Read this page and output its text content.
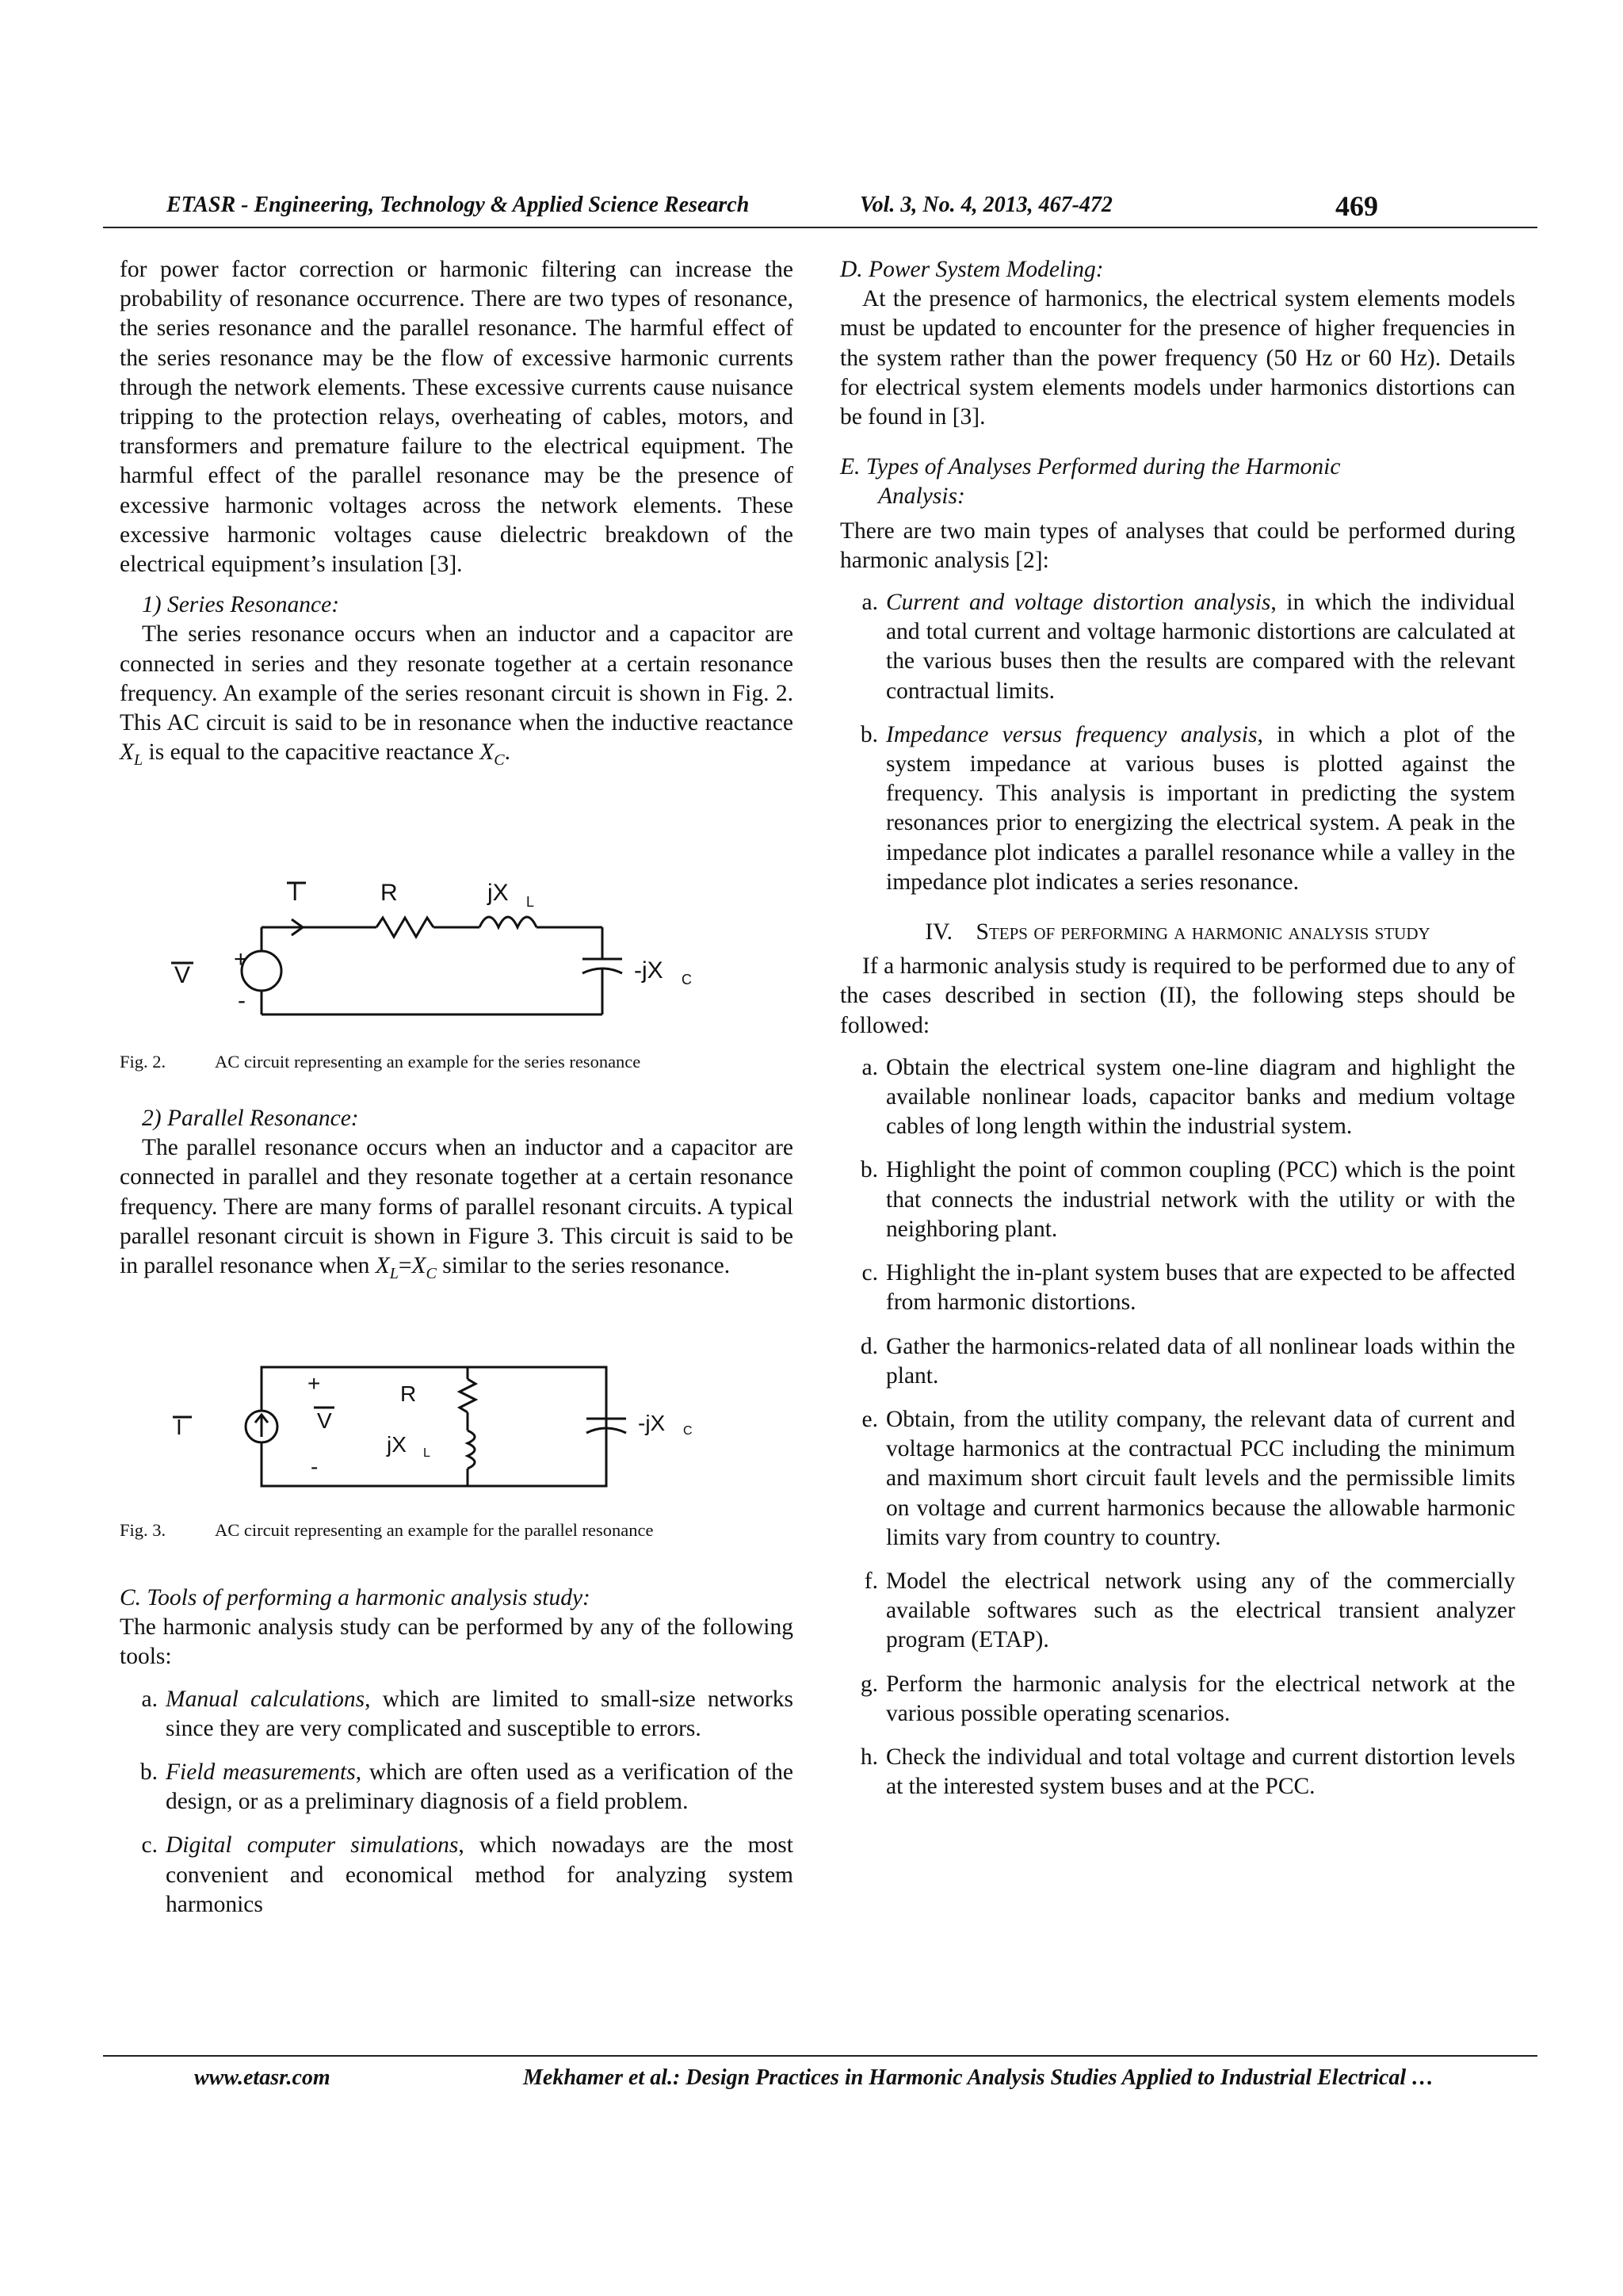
ETASR - Engineering, Technology & Applied Science Research	Vol. 3, No. 4, 2013, 467-472	469

for power factor correction or harmonic filtering can increase the probability of resonance occurrence. There are two types of resonance, the series resonance and the parallel resonance. The harmful effect of the series resonance may be the flow of excessive harmonic currents through the network elements. These excessive currents cause nuisance tripping to the protection relays, overheating of cables, motors, and transformers and premature failure to the electrical equipment. The harmful effect of the parallel resonance may be the presence of excessive harmonic voltages across the network elements. These excessive harmonic voltages cause dielectric breakdown of the electrical equipment’s insulation [3].

1) Series Resonance:

The series resonance occurs when an inductor and a capacitor are connected in series and they resonate together at a certain resonance frequency. An example of the series resonant circuit is shown in Fig. 2. This AC circuit is said to be in resonance when the inductive reactance $X_L$ is equal to the capacitive reactance $X_C$.

I	R	jX L
+
V
-
-jX C
Fig. 2.	AC circuit representing an example for the series resonance

2) Parallel Resonance:

The parallel resonance occurs when an inductor and a capacitor are connected in parallel and they resonate together at a certain resonance frequency. There are many forms of parallel resonant circuits. A typical parallel resonant circuit is shown in Figure 3. This circuit is said to be in parallel resonance when $X_L=X_C$ similar to the series resonance.

I
+
V
-
R
jX L
-jX C
Fig. 3.	AC circuit representing an example for the parallel resonance

C. Tools of performing a harmonic analysis study:

The harmonic analysis study can be performed by any of the following tools:

a. Manual calculations, which are limited to small-size networks since they are very complicated and susceptible to errors.
b. Field measurements, which are often used as a verification of the design, or as a preliminary diagnosis of a field problem.
c. Digital computer simulations, which nowadays are the most convenient and economical method for analyzing system harmonics

D. Power System Modeling:

At the presence of harmonics, the electrical system elements models must be updated to encounter for the presence of higher frequencies in the system rather than the power frequency (50 Hz or 60 Hz). Details for electrical system elements models under harmonics distortions can be found in [3].

E. Types of Analyses Performed during the Harmonic
Analysis:

There are two main types of analyses that could be performed during harmonic analysis [2]:

a. Current and voltage distortion analysis, in which the individual and total current and voltage harmonic distortions are calculated at the various buses then the results are compared with the relevant contractual limits.
b. Impedance versus frequency analysis, in which a plot of the system impedance at various buses is plotted against the frequency. This analysis is important in predicting the system resonances prior to energizing the electrical system. A peak in the impedance plot indicates a parallel resonance while a valley in the impedance plot indicates a series resonance.

IV. Steps of performing a harmonic analysis study

If a harmonic analysis study is required to be performed due to any of the cases described in section (II), the following steps should be followed:

a. Obtain the electrical system one-line diagram and highlight the available nonlinear loads, capacitor banks and medium voltage cables of long length within the industrial system.
b. Highlight the point of common coupling (PCC) which is the point that connects the industrial network with the utility or with the neighboring plant.
c. Highlight the in-plant system buses that are expected to be affected from harmonic distortions.
d. Gather the harmonics-related data of all nonlinear loads within the plant.
e. Obtain, from the utility company, the relevant data of current and voltage harmonics at the contractual PCC including the minimum and maximum short circuit fault levels and the permissible limits on voltage and current harmonics because the allowable harmonic limits vary from country to country.
f. Model the electrical network using any of the commercially available softwares such as the electrical transient analyzer program (ETAP).
g. Perform the harmonic analysis for the electrical network at the various possible operating scenarios.
h. Check the individual and total voltage and current distortion levels at the interested system buses and at the PCC.
www.etasr.com	Mekhamer et al.: Design Practices in Harmonic Analysis Studies Applied to Industrial Electrical …
